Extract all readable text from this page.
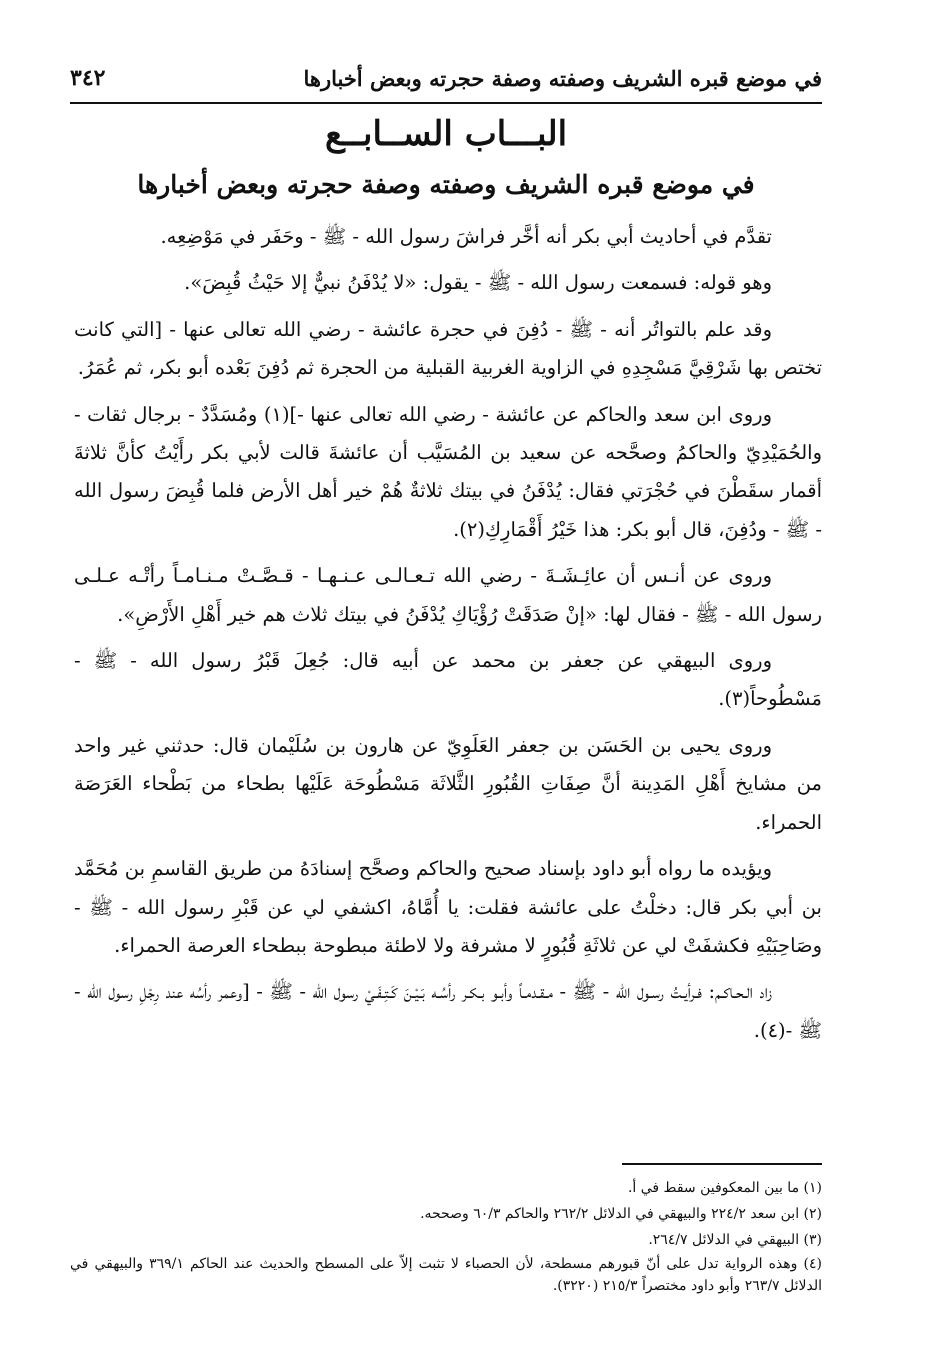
٣٤٢	في موضع قبره الشريف وصفته وصفة حجرته وبعض أخبارها
البـــاب الســابــع
في موضع قبره الشريف وصفته وصفة حجرته وبعض أخبارها

تقدَّم في أحاديث أبي بكر أنه أخَّر فراشَ رسول الله - ﷺ - وحَفَر في مَوْضِعِه.

وهو قوله: فسمعت رسول الله - ﷺ - يقول: «لا يُدْفَنُ نبيٌّ إلا حَيْثُ قُبِضَ».

وقد علم بالتواتُر أنه - ﷺ - دُفِنَ في حجرة عائشة - رضي الله تعالى عنها - [التي كانت تختص بها شَرْقِيَّ مَسْجِدِهِ في الزاوية الغربية القبلية من الحجرة ثم دُفِنَ بَعْده أبو بكر، ثم عُمَرُ.

وروى ابن سعد والحاكم عن عائشة - رضي الله تعالى عنها -](١) ومُسَدَّدٌ - برجال ثقات - والحُمَيْدِيّ والحاكمُ وصحَّحه عن سعيد بن المُسَيَّب أن عائشةَ قالت لأبي بكر رأَيْتُ كأنَّ ثلاثةَ أقمار سقَطْنَ في حُجْرَتي فقال: يُدْفَنُ في بيتك ثلاثةٌ هُمْ خير أهل الأرض فلما قُبِضَ رسول الله - ﷺ - ودُفِنَ، قال أبو بكر: هذا خَيْرُ أَقْمَارِكِ(٢).

وروى عن أنـس أن عائِـشَـةَ - رضي الله تـعـالـى عـنـهـا - قـصَّـتْ مـنـامـاً رأتْـه عـلـى رسول الله - ﷺ - فقال لها: «إنْ صَدَقَتْ رُؤْيَاكِ يُدْفَنُ في بيتك ثلاث هم خير أَهْلِ الأَرْضِ».

وروى البيهقي عن جعفر بن محمد عن أبيه قال: جُعِلَ قَبْرُ رسول الله - ﷺ - مَسْطُوحاً(٣).

وروى يحيى بن الحَسَن بن جعفر العَلَوِيّ عن هارون بن سُلَيْمان قال: حدثني غير واحد من مشايخ أَهْلِ المَدِينة أنَّ صِفَاتِ القُبُورِ الثَّلاثَة مَسْطُوحَة عَلَيْها بطحاء من بَطْحاء العَرَصَة الحمراء.

ويؤيده ما رواه أبو داود بإسناد صحيح والحاكم وصحَّح إسنادَهُ من طريق القاسمِ بن مُحَمَّد بن أبي بكر قال: دخلْتُ على عائشة فقلت: يا أُمَّاهُ، اكشفي لي عن قَبْرِ رسول الله - ﷺ - وصَاحِبَيْهِ فكشفَتْ لي عن ثلاثَةِ قُبُورٍ لا مشرفة ولا لاطئة مبطوحة ببطحاء العرصة الحمراء.

زاد الـحـاكـم: فـرأيـتُ رسـول الله - ﷺ - مـقـدمـاً وأبـو بـكـر رأسُـه بَـيْـنَ كَـتِـفَـيْ رسول الله - ﷺ - [وعمر رأسُه عند رِجْلِ رسول الله - ﷺ -(٤).

(١) ما بين المعكوفين سقط في أ.

(٢) ابن سعد ٢٢٤/٢ والبيهقي في الدلائل ٢٦٢/٢ والحاكم ٦٠/٣ وصححه.

(٣) البيهقي في الدلائل ٢٦٤/٧.

(٤) وهذه الرواية تدل على أنّ قبورهم مسطحة، لأن الحصباء لا تثبت إلاّ على المسطح والحديث عند الحاكم ٣٦٩/١ والبيهقي في الدلائل ٢٦٣/٧ وأبو داود مختصراً ٢١٥/٣ (٣٢٢٠).
